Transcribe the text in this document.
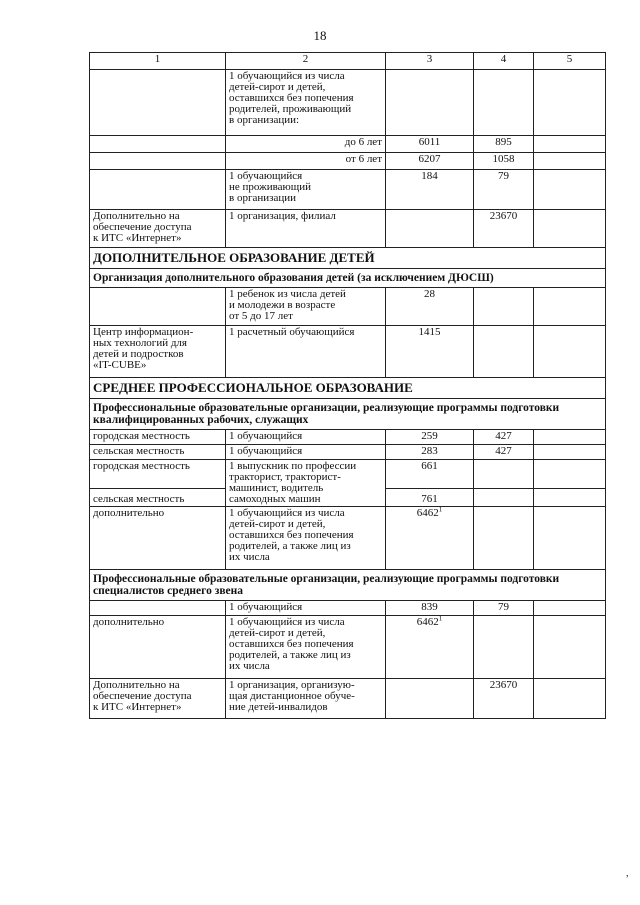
18
1	2	3	4	5
	1 обучающийся из числа
детей-сирот и детей,
оставшихся без попечения
родителей, проживающий
в организации:			
	до 6 лет	6011	895	
	от 6 лет	6207	1058	
	1 обучающийся
не проживающий
в организации	184	79	
Дополнительно на
обеспечение доступа
к ИТС «Интернет»	1 организация, филиал		23670	
ДОПОЛНИТЕЛЬНОЕ ОБРАЗОВАНИЕ ДЕТЕЙ				
Организация дополнительного образования детей (за исключением ДЮСШ)				
	1 ребенок из числа детей
и молодежи в возрасте
от 5 до 17 лет	28		
Центр информацион-
ных технологий для
детей и подростков
«IT-CUBE»	1 расчетный обучающийся	1415		
СРЕДНЕЕ ПРОФЕССИОНАЛЬНОЕ ОБРАЗОВАНИЕ				
Профессиональные образовательные организации, реализующие программы подготовки квалифицированных рабочих, служащих				
городская местность	1 обучающийся	259	427	
сельская местность	1 обучающийся	283	427	
городская местность	1 выпускник по профессии
тракторист, тракторист-
машинист, водитель
самоходных машин	661		
сельская местность		761		
дополнительно	1 обучающийся из числа
детей-сирот и детей,
оставшихся без попечения
родителей, а также лиц из
их числа	6462$^1$		
Профессиональные образовательные организации, реализующие программы подготовки специалистов среднего звена				
	1 обучающийся	839	79	
дополнительно	1 обучающийся из числа
детей-сирот и детей,
оставшихся без попечения
родителей, а также лиц из
их числа	6462$^1$		
Дополнительно на
обеспечение доступа
к ИТС «Интернет»	1 организация, организую-
щая дистанционное обуче-
ние детей-инвалидов		23670	
,
